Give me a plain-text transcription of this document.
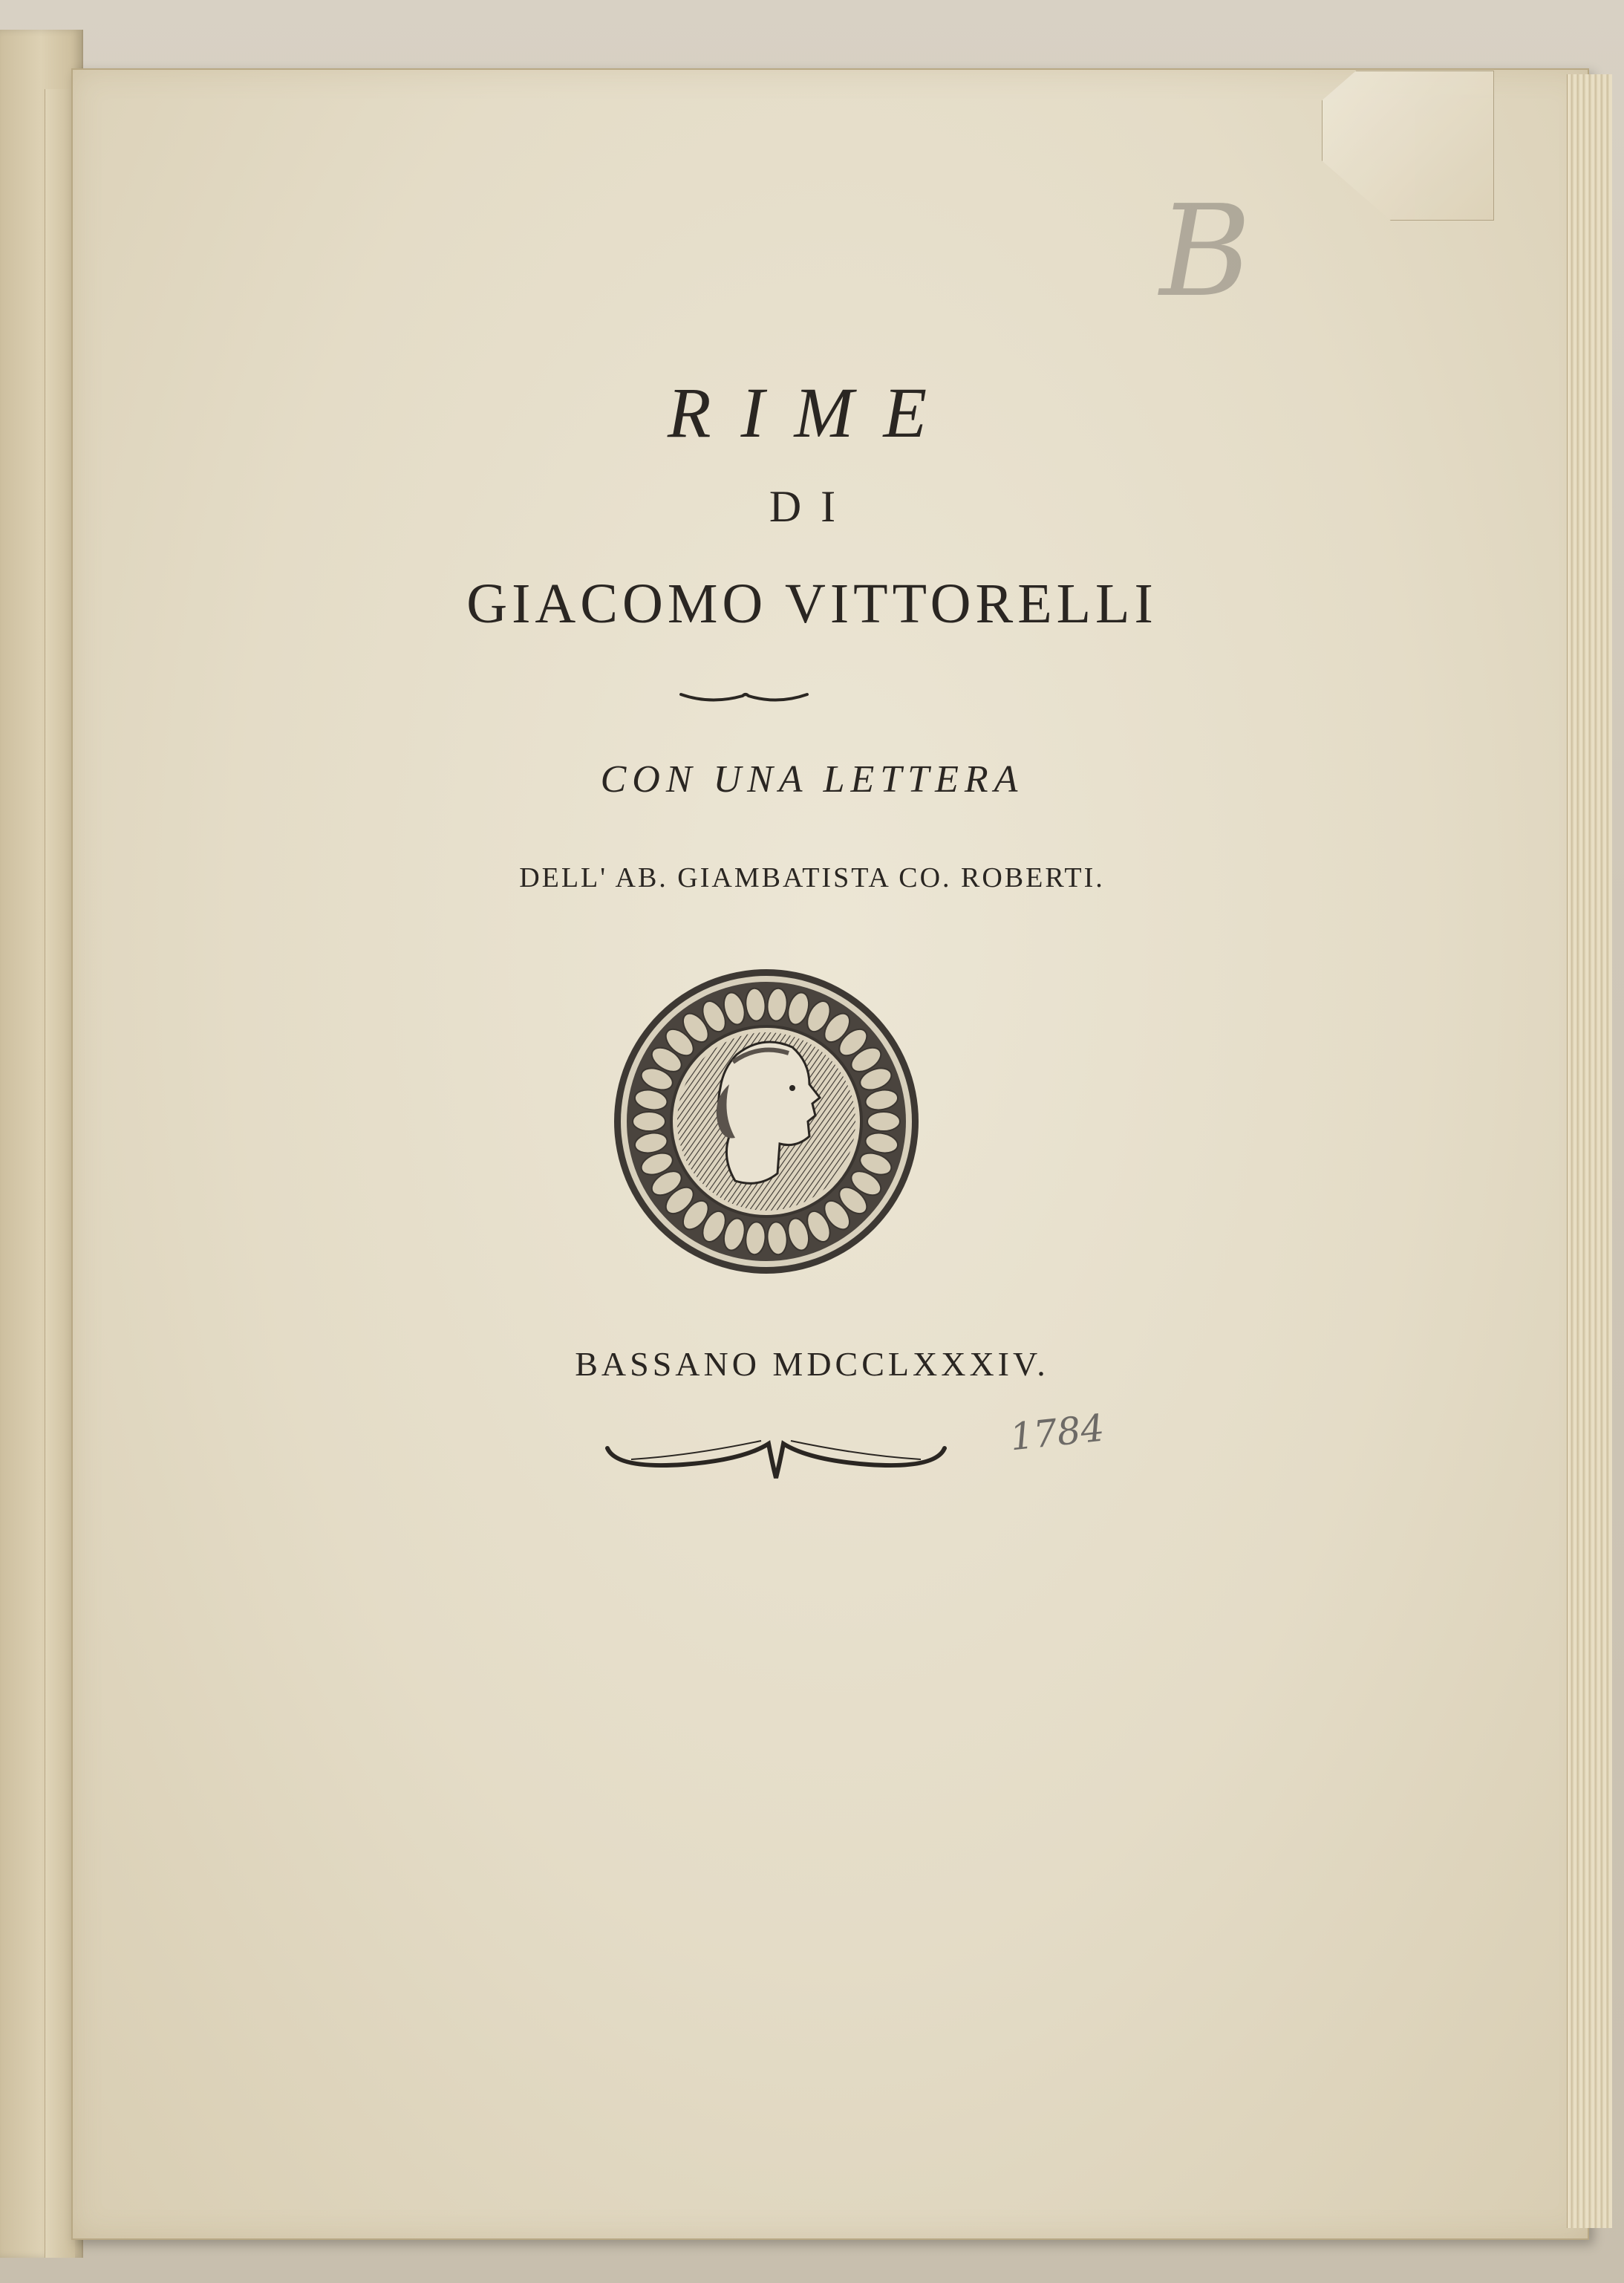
B
RIME
DI
GIACOMO VITTORELLI
CON UNA LETTERA
DELL' AB. GIAMBATISTA CO. ROBERTI.
BASSANO MDCCLXXXIV.
1784
